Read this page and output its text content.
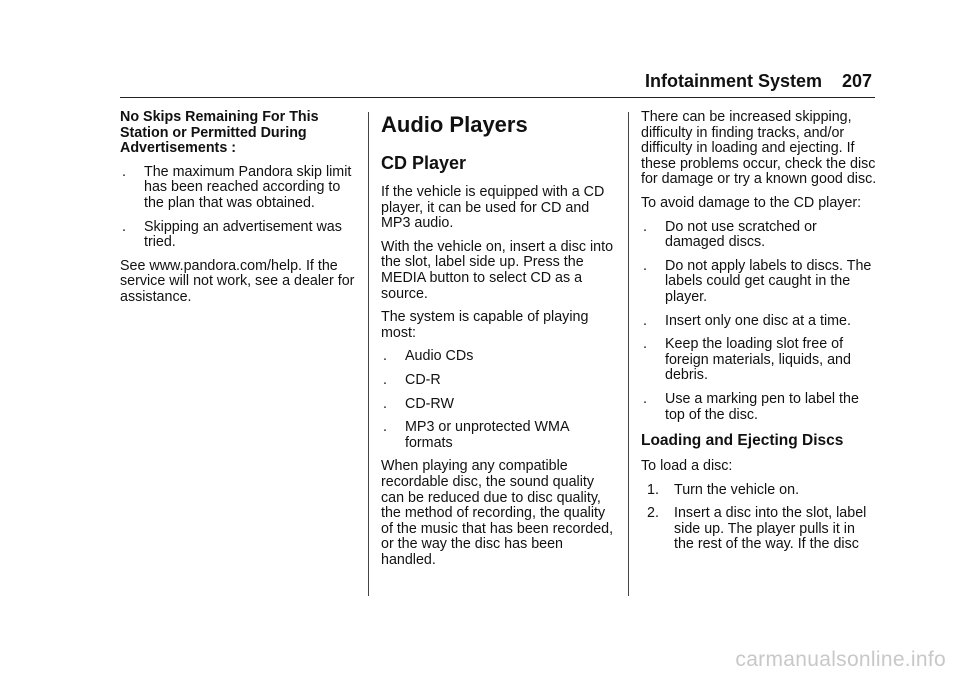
Infotainment System 207

No Skips Remaining For This Station or Permitted During Advertisements :

. The maximum Pandora skip limit has been reached according to the plan that was obtained.
. Skipping an advertisement was tried.

See www.pandora.com/help. If the service will not work, see a dealer for assistance.

Audio Players
CD Player

If the vehicle is equipped with a CD player, it can be used for CD and MP3 audio.

With the vehicle on, insert a disc into the slot, label side up. Press the MEDIA button to select CD as a source.

The system is capable of playing most:

. Audio CDs
. CD-R
. CD-RW
. MP3 or unprotected WMA formats

When playing any compatible recordable disc, the sound quality can be reduced due to disc quality, the method of recording, the quality of the music that has been recorded, or the way the disc has been handled.

There can be increased skipping, difficulty in finding tracks, and/or difficulty in loading and ejecting. If these problems occur, check the disc for damage or try a known good disc.

To avoid damage to the CD player:

. Do not use scratched or damaged discs.
. Do not apply labels to discs. The labels could get caught in the player.
. Insert only one disc at a time.
. Keep the loading slot free of foreign materials, liquids, and debris.
. Use a marking pen to label the top of the disc.
Loading and Ejecting Discs

To load a disc:

1. Turn the vehicle on.
2. Insert a disc into the slot, label side up. The player pulls it in the rest of the way. If the disc
carmanualsonline.info
